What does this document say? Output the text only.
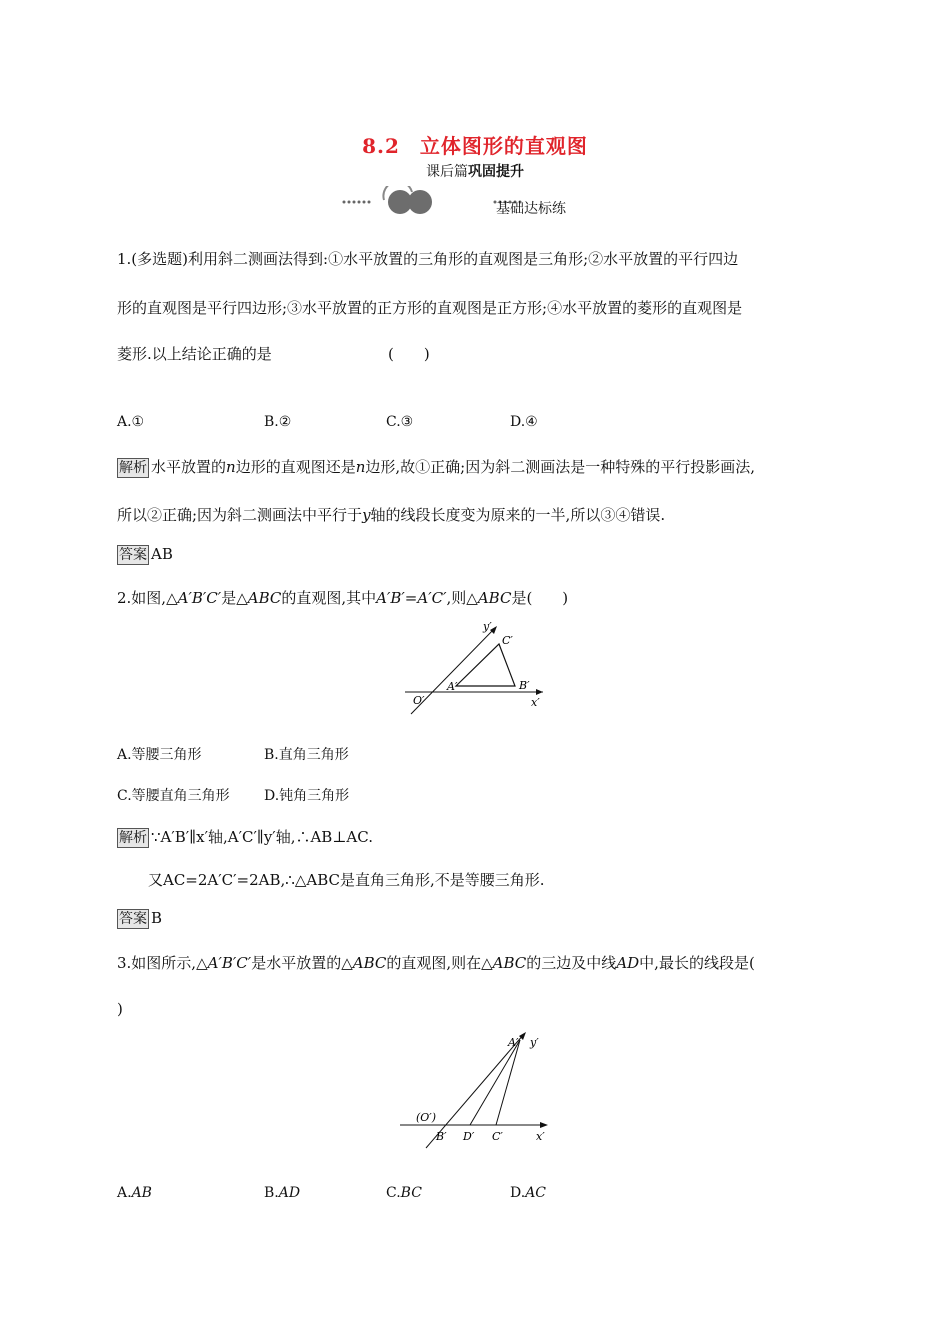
8.2 立体图形的直观图
课后篇巩固提升
基础达标练
1.(多选题)利用斜二测画法得到:①水平放置的三角形的直观图是三角形;②水平放置的平行四边
形的直观图是平行四边形;③水平放置的正方形的直观图是正方形;④水平放置的菱形的直观图是
菱形.以上结论正确的是	(　　)
A.①	B.②	C.③	D.④
解析 水平放置的n边形的直观图还是n边形,故①正确;因为斜二测画法是一种特殊的平行投影画法,
所以②正确;因为斜二测画法中平行于y轴的线段长度变为原来的一半,所以③④错误.
答案 AB
2.如图,△A′B′C′是△ABC的直观图,其中A′B′=A′C′,则△ABC是(　　)
y′
C′
A′	B′
O′	x′
A.等腰三角形	B.直角三角形
C.等腰直角三角形 D.钝角三角形
解析 ∵A′B′∥x′轴,A′C′∥y′轴,∴AB⊥AC.
又AC=2A′C′=2AB,∴△ABC是直角三角形,不是等腰三角形.
答案 B
3.如图所示,△A′B′C′是水平放置的△ABC的直观图,则在△ABC的三边及中线AD中,最长的线段是(
)
A′ y′
(O′)
B′ D′ C′	x′
A.AB	B.AD	C.BC	D.AC
